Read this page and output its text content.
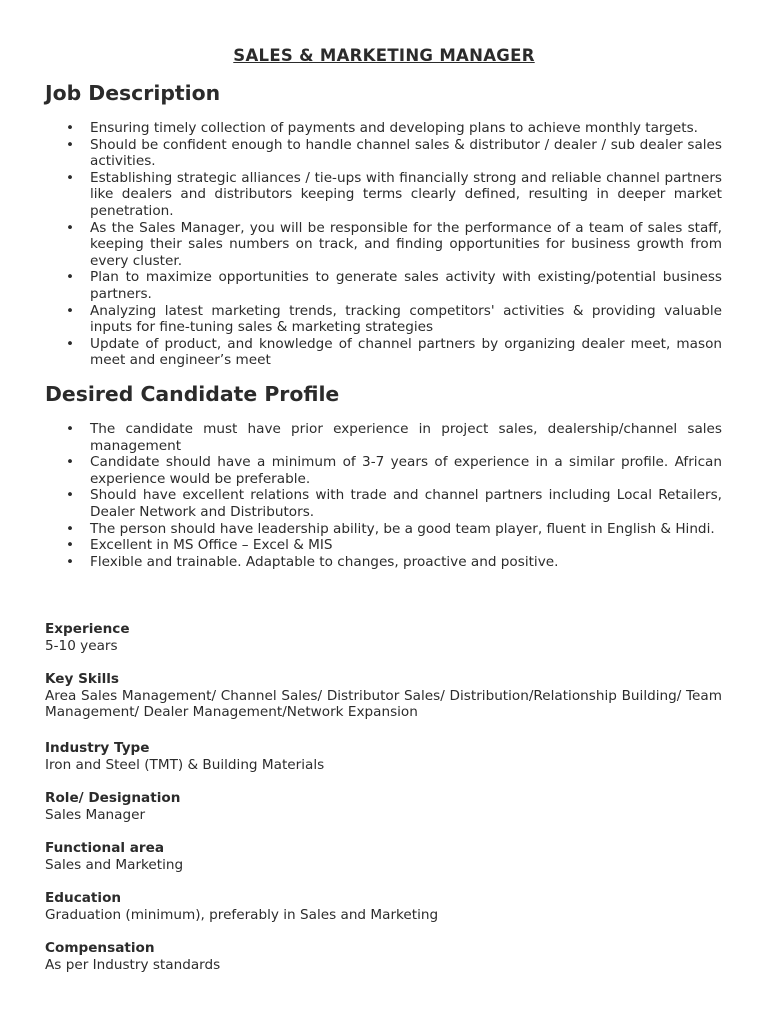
SALES & MARKETING MANAGER
Job Description
• Ensuring timely collection of payments and developing plans to achieve monthly targets.
• Should be confident enough to handle channel sales & distributor / dealer / sub dealer sales activities.
• Establishing strategic alliances / tie-ups with financially strong and reliable channel partners like dealers and distributors keeping terms clearly defined, resulting in deeper market penetration.
• As the Sales Manager, you will be responsible for the performance of a team of sales staff, keeping their sales numbers on track, and finding opportunities for business growth from every cluster.
• Plan to maximize opportunities to generate sales activity with existing/potential business partners.
• Analyzing latest marketing trends, tracking competitors' activities & providing valuable inputs for fine-tuning sales & marketing strategies
• Update of product, and knowledge of channel partners by organizing dealer meet, mason meet and engineer’s meet
Desired Candidate Profile
• The candidate must have prior experience in project sales, dealership/channel sales management
• Candidate should have a minimum of 3-7 years of experience in a similar profile. African experience would be preferable.
• Should have excellent relations with trade and channel partners including Local Retailers, Dealer Network and Distributors.
• The person should have leadership ability, be a good team player, fluent in English & Hindi.
• Excellent in MS Office – Excel & MIS
• Flexible and trainable. Adaptable to changes, proactive and positive.
Experience
5-10 years
Key Skills
Area Sales Management/ Channel Sales/ Distributor Sales/ Distribution/Relationship Building/ Team Management/ Dealer Management/Network Expansion
Industry Type
Iron and Steel (TMT) & Building Materials
Role/ Designation
Sales Manager
Functional area
Sales and Marketing
Education
Graduation (minimum), preferably in Sales and Marketing
Compensation
As per Industry standards
